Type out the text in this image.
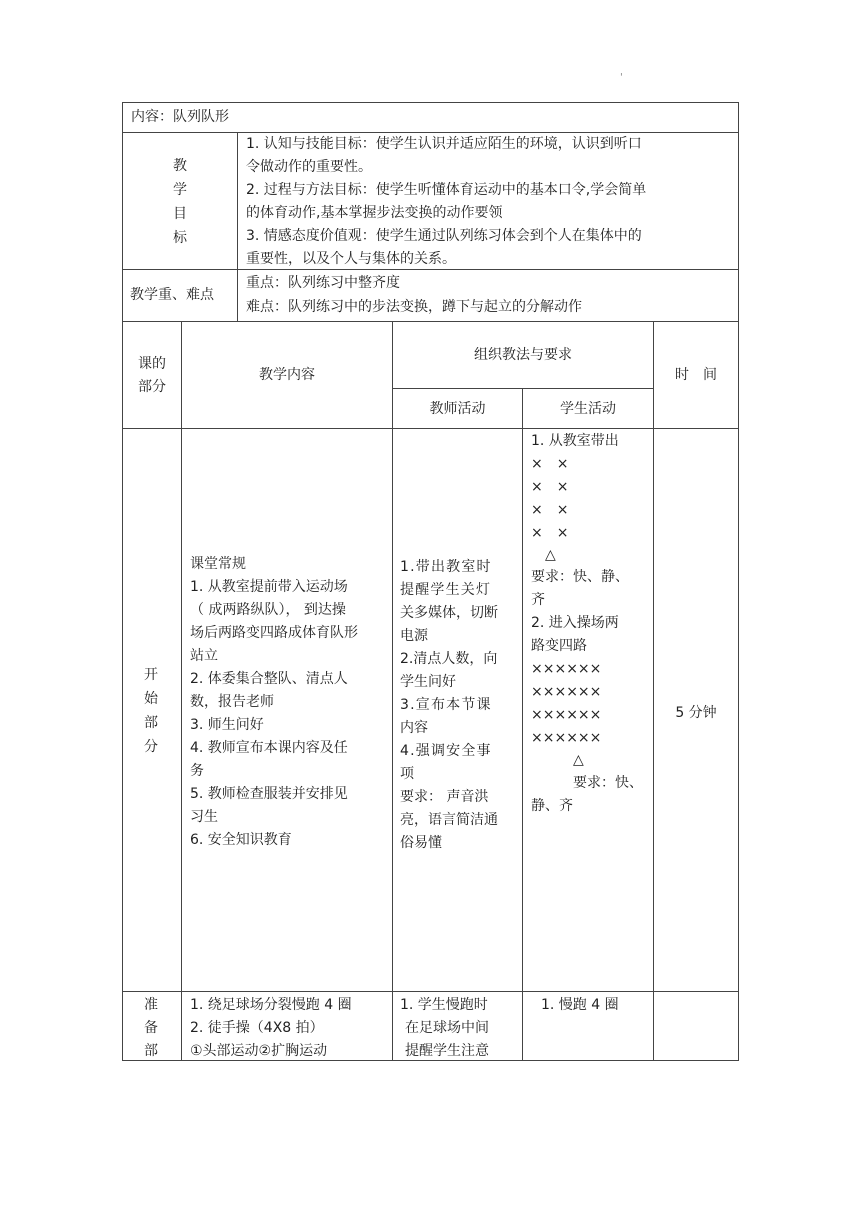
'
内容：队列队形
教
学
目
标
1. 认知与技能目标：使学生认识并适应陌生的环境，认识到听口
令做动作的重要性。
2. 过程与方法目标：使学生听懂体育运动中的基本口令,学会简单
的体育动作,基本掌握步法变换的动作要领
3. 情感态度价值观：使学生通过队列练习体会到个人在集体中的
重要性，以及个人与集体的关系。
教学重、难点
重点：队列练习中整齐度
难点：队列练习中的步法变换，蹲下与起立的分解动作
课的
部分
教学内容
组织教法与要求
教师活动	学生活动
时　间
开
始
部
分
课堂常规
1. 从教室提前带入运动场
（ 成两路纵队）， 到达操
场后两路变四路成体育队形
站立
2. 体委集合整队、清点人
数，报告老师
3. 师生问好
4. 教师宣布本课内容及任
务
5. 教师检查服装并安排见
习生
6. 安全知识教育
1.带出教室时
提醒学生关灯
关多媒体，切断
电源
2.清点人数，向
学生问好
3.宣布本节课
内容
4.强调安全事
项
要求： 声音洪
亮，语言简洁通
俗易懂
1. 从教室带出
×　×
×　×
×　×
×　×
　△
要求：快、静、
齐
2. 进入操场两
路变四路
××××××
××××××
××××××
××××××
　　　△
　　　要求：快、
静、齐
5 分钟
准
备
部
1. 绕足球场分裂慢跑 4 圈
2. 徒手操（4X8 拍）
①头部运动②扩胸运动
1. 学生慢跑时
在足球场中间
提醒学生注意
1. 慢跑 4 圈
